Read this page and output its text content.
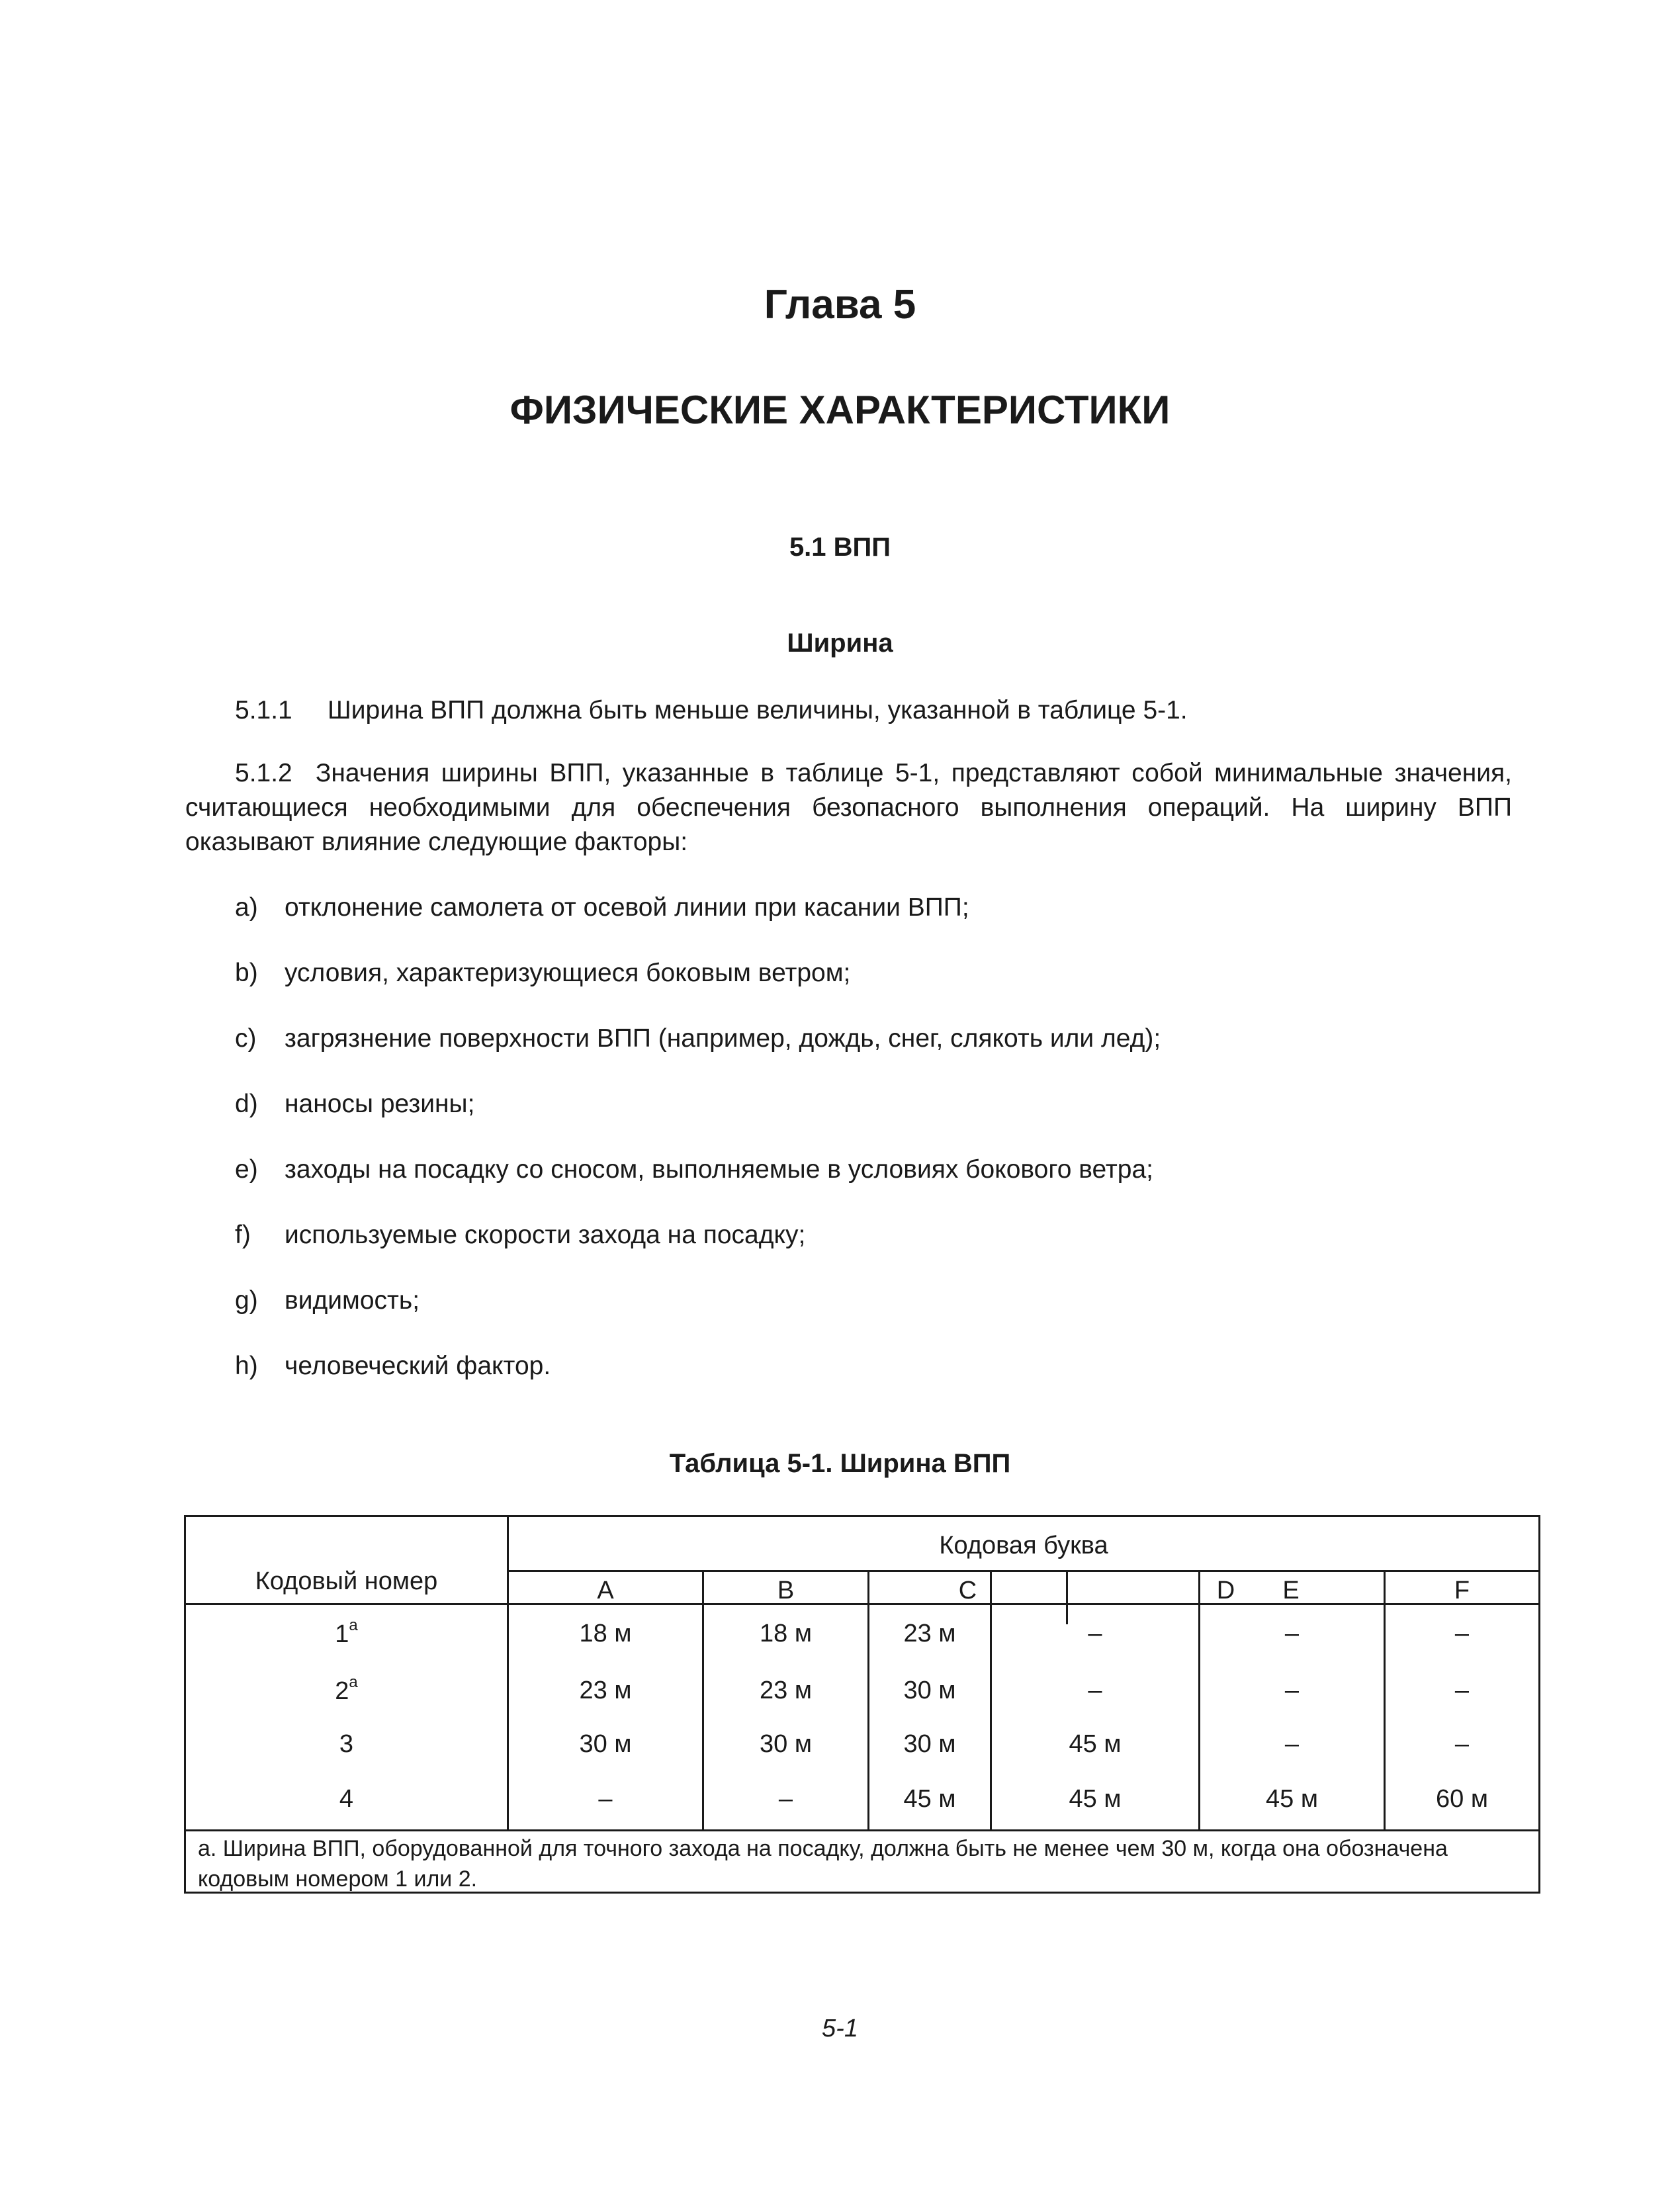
Глава 5
ФИЗИЧЕСКИЕ ХАРАКТЕРИСТИКИ
5.1 ВПП
Ширина
5.1.1 Ширина ВПП должна быть меньше величины, указанной в таблице 5-1.
5.1.2 Значения ширины ВПП, указанные в таблице 5-1, представляют собой минимальные значения, считающиеся необходимыми для обеспечения безопасного выполнения операций. На ширину ВПП оказывают влияние следующие факторы:
a) отклонение самолета от осевой линии при касании ВПП;
b) условия, характеризующиеся боковым ветром;
c) загрязнение поверхности ВПП (например, дождь, снег, слякоть или лед);
d) наносы резины;
e) заходы на посадку со сносом, выполняемые в условиях бокового ветра;
f) используемые скорости захода на посадку;
g) видимость;
h) человеческий фактор.
Таблица 5-1. Ширина ВПП
Кодовый номер
Кодовая буква
A	B	C	D	E	F
1$^a$	18 м	18 м	23 м	–	–	–
2$^a$	23 м	23 м	30 м	–	–	–
3	30 м	30 м	30 м	45 м	–	–
4	–	–	45 м	45 м	45 м	60 м
a. Ширина ВПП, оборудованной для точного захода на посадку, должна быть не менее чем 30 м, когда она обозначена кодовым номером 1 или 2.
5-1
